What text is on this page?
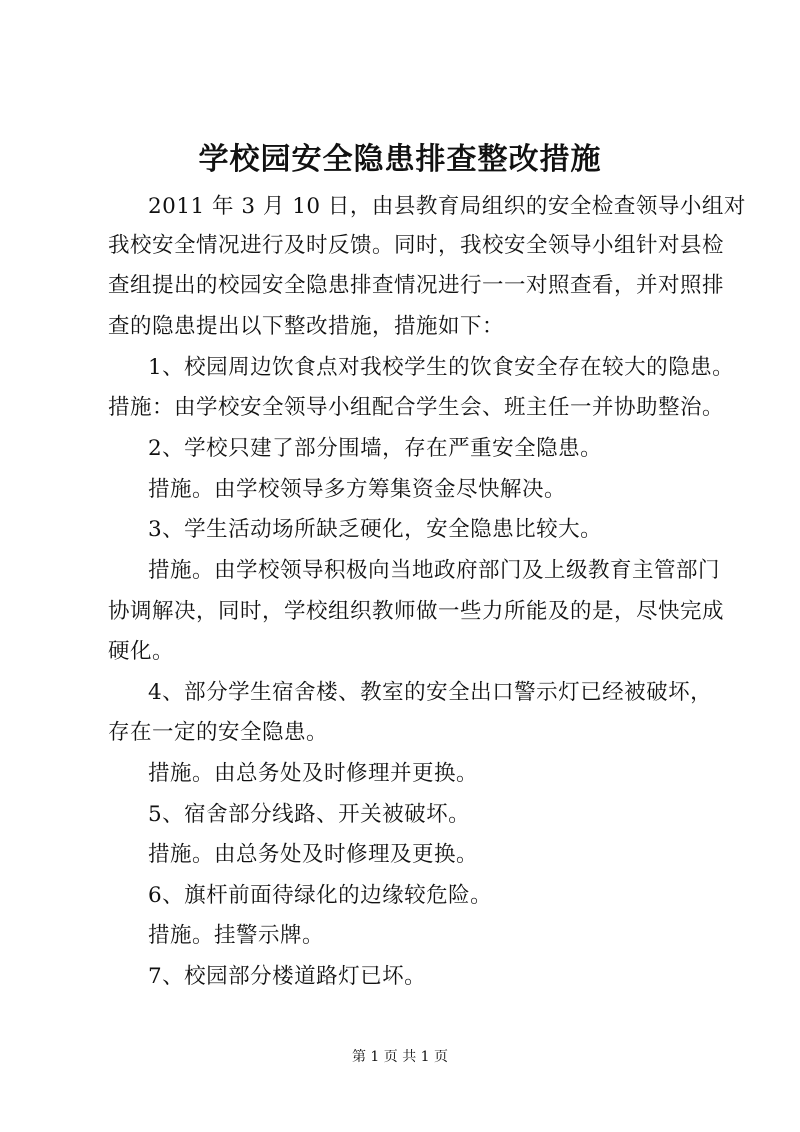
学校园安全隐患排查整改措施
2011 年 3 月 10 日，由县教育局组织的安全检查领导小组对
我校安全情况进行及时反馈。同时，我校安全领导小组针对县检
查组提出的校园安全隐患排查情况进行一一对照查看，并对照排
查的隐患提出以下整改措施，措施如下：
1、校园周边饮食点对我校学生的饮食安全存在较大的隐患。
措施：由学校安全领导小组配合学生会、班主任一并协助整治。
2、学校只建了部分围墙，存在严重安全隐患。
措施。由学校领导多方筹集资金尽快解决。
3、学生活动场所缺乏硬化，安全隐患比较大。
措施。由学校领导积极向当地政府部门及上级教育主管部门
协调解决，同时，学校组织教师做一些力所能及的是，尽快完成
硬化。
4、部分学生宿舍楼、教室的安全出口警示灯已经被破坏，
存在一定的安全隐患。
措施。由总务处及时修理并更换。
5、宿舍部分线路、开关被破坏。
措施。由总务处及时修理及更换。
6、旗杆前面待绿化的边缘较危险。
措施。挂警示牌。
7、校园部分楼道路灯已坏。
第 1 页 共 1 页
